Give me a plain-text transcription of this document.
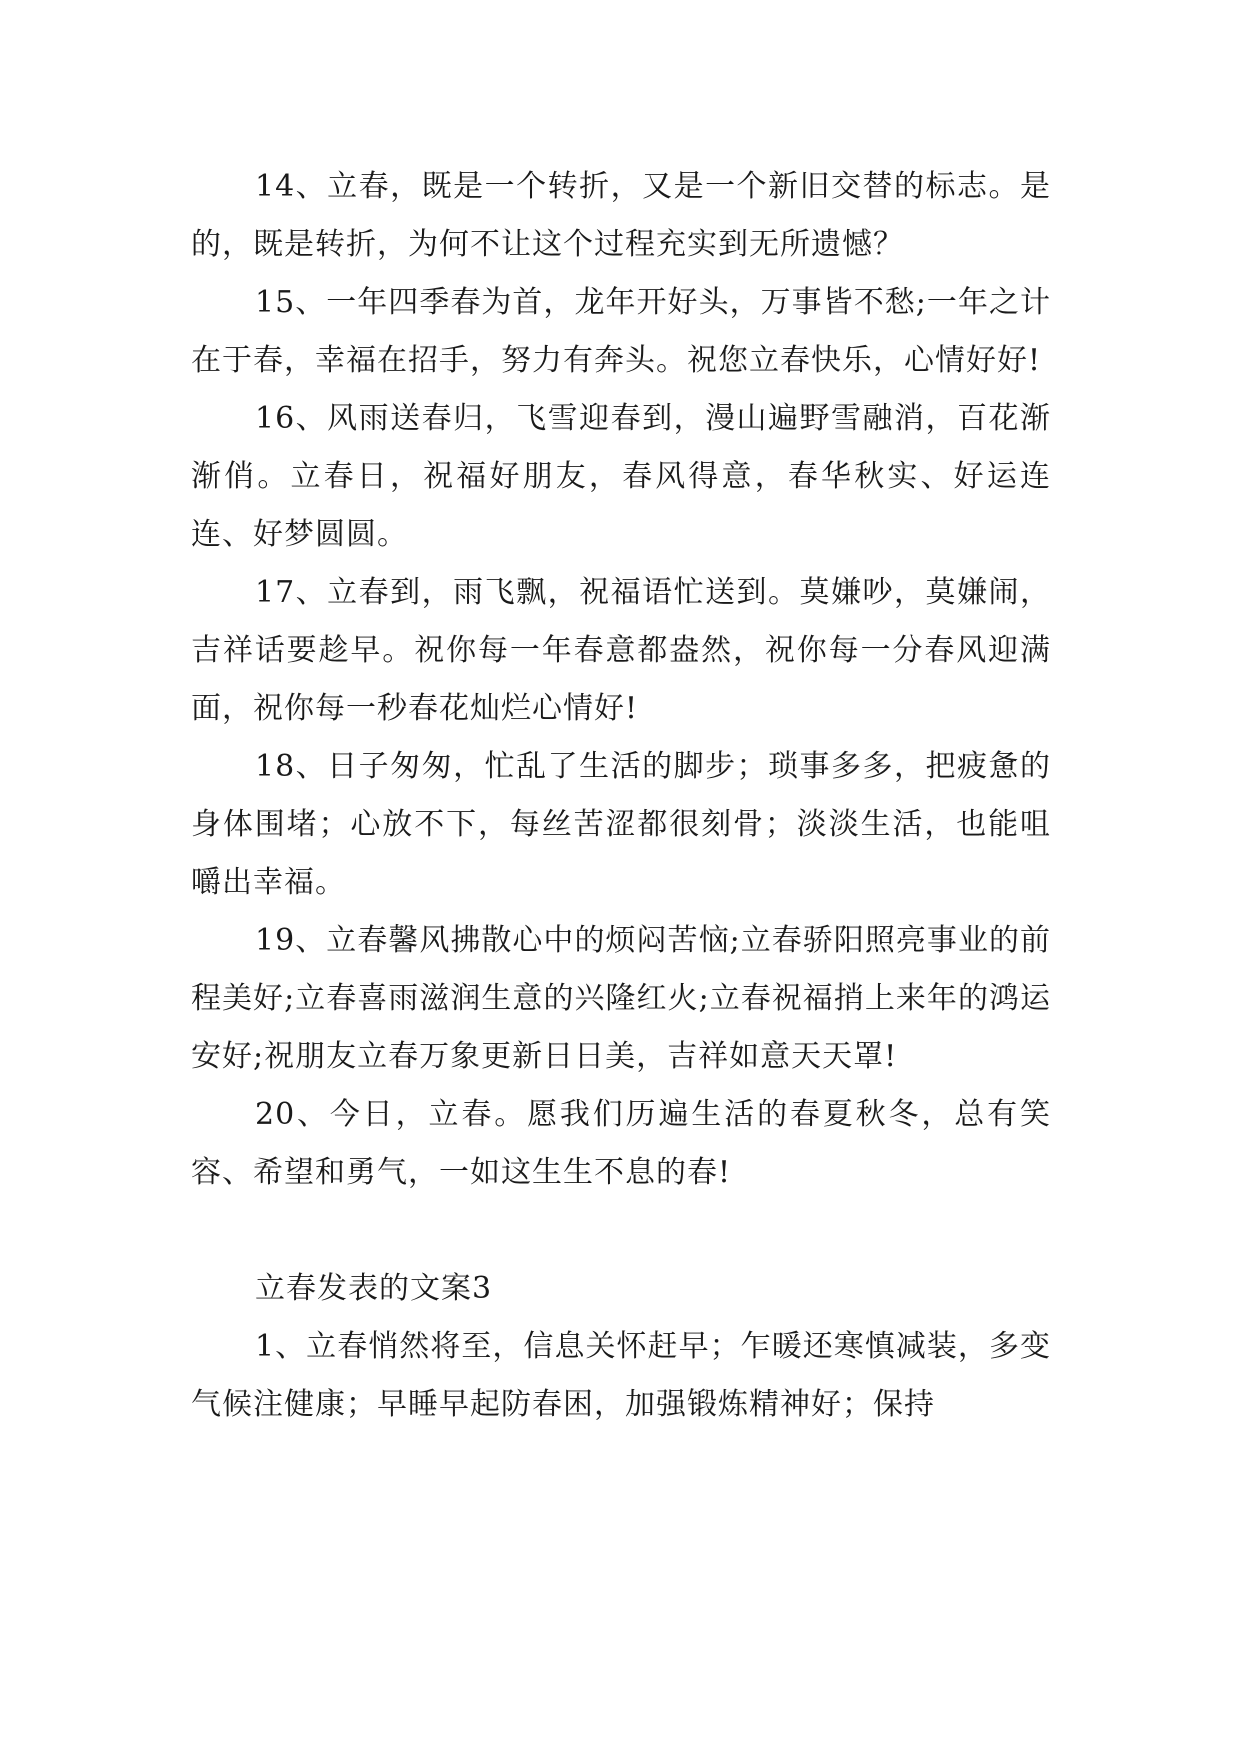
14、立春，既是一个转折，又是一个新旧交替的标志。是的，既是转折，为何不让这个过程充实到无所遗憾？

15、一年四季春为首，龙年开好头，万事皆不愁;一年之计在于春，幸福在招手，努力有奔头。祝您立春快乐，心情好好!

16、风雨送春归，飞雪迎春到，漫山遍野雪融消，百花渐渐俏。立春日，祝福好朋友，春风得意，春华秋实、好运连连、好梦圆圆。

17、立春到，雨飞飘，祝福语忙送到。莫嫌吵，莫嫌闹，吉祥话要趁早。祝你每一年春意都盎然，祝你每一分春风迎满面，祝你每一秒春花灿烂心情好!

18、日子匆匆，忙乱了生活的脚步；琐事多多，把疲惫的身体围堵；心放不下，每丝苦涩都很刻骨；淡淡生活，也能咀嚼出幸福。

19、立春馨风拂散心中的烦闷苦恼;立春骄阳照亮事业的前程美好;立春喜雨滋润生意的兴隆红火;立春祝福捎上来年的鸿运安好;祝朋友立春万象更新日日美，吉祥如意天天罩!

20、今日，立春。愿我们历遍生活的春夏秋冬，总有笑容、希望和勇气，一如这生生不息的春!

立春发表的文案3

1、立春悄然将至，信息关怀赶早；乍暖还寒慎减装，多变气候注健康；早睡早起防春困，加强锻炼精神好；保持
